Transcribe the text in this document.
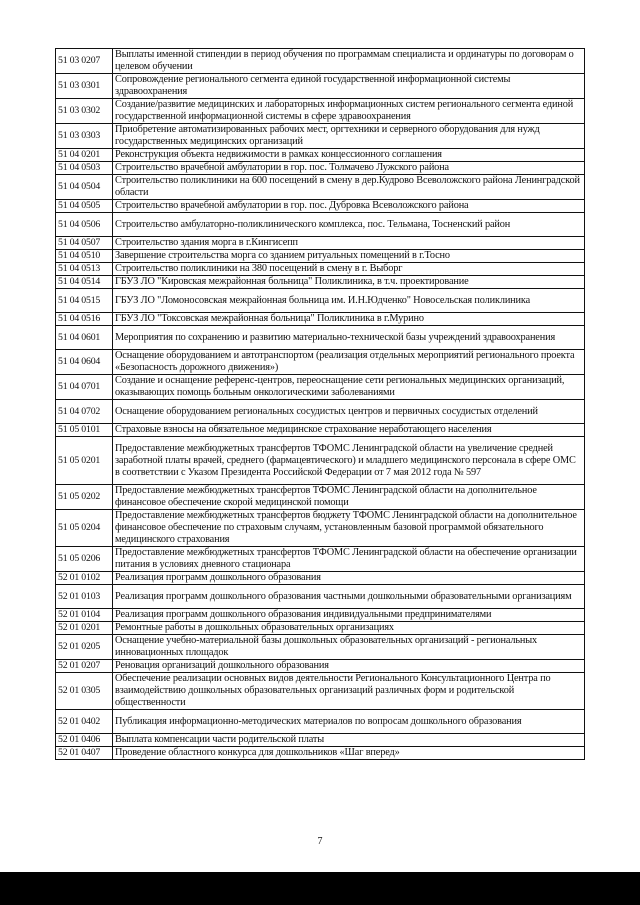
51 03 0207	Выплаты именной стипендии в период обучения по программам специалиста и ординатуры по договорам о целевом обучении
51 03 0301	Сопровождение регионального сегмента единой государственной информационной системы здравоохранения
51 03 0302	Создание/развитие медицинских и лабораторных информационных систем регионального сегмента единой государственной информационной системы в сфере здравоохранения
51 03 0303	Приобретение автоматизированных рабочих мест, оргтехники и серверного оборудования для нужд государственных медицинских организаций
51 04 0201	Реконструкция объекта недвижимости в рамках концессионного соглашения
51 04 0503	Строительство врачебной амбулатории в гор. пос. Толмачево Лужского района
51 04 0504	Строительство поликлиники на 600 посещений в смену в дер.Кудрово Всеволожского района Ленинградской области
51 04 0505	Строительство врачебной амбулатории в гор. пос. Дубровка Всеволожского района
51 04 0506	Строительство амбулаторно-поликлинического комплекса, пос. Тельмана, Тосненский район
51 04 0507	Строительство здания морга в г.Кингисепп
51 04 0510	Завершение строительства морга со зданием ритуальных помещений в г.Тосно
51 04 0513	Строительство поликлиники на 380 посещений в смену в г. Выборг
51 04 0514	ГБУЗ ЛО "Кировская межрайонная больница" Поликлиника, в т.ч. проектирование
51 04 0515	ГБУЗ ЛО "Ломоносовская межрайонная больница им. И.Н.Юдченко" Новосельская поликлиника
51 04 0516	ГБУЗ ЛО "Токсовская межрайонная больница" Поликлиника в г.Мурино
51 04 0601	Мероприятия по сохранению и развитию материально-технической базы учреждений здравоохранения
51 04 0604	Оснащение оборудованием и автотранспортом (реализация отдельных мероприятий регионального проекта «Безопасность дорожного движения»)
51 04 0701	Создание и оснащение референс-центров, переоснащение сети региональных медицинских организаций, оказывающих помощь больным онкологическими заболеваниями
51 04 0702	Оснащение оборудованием региональных сосудистых центров и первичных сосудистых отделений
51 05 0101	Страховые взносы на обязательное медицинское страхование неработающего населения
51 05 0201	Предоставление межбюджетных трансфертов ТФОМС Ленинградской области на увеличение средней заработной платы врачей, среднего (фармацевтического) и младшего медицинского персонала в сфере ОМС в соответствии с Указом Президента Российской Федерации от 7 мая 2012 года № 597
51 05 0202	Предоставление межбюджетных трансфертов ТФОМС Ленинградской области на дополнительное финансовое обеспечение скорой медицинской помощи
51 05 0204	Предоставление межбюджетных трансфертов бюджету ТФОМС Ленинградской области на дополнительное финансовое обеспечение по страховым случаям, установленным базовой программой обязательного медицинского страхования
51 05 0206	Предоставление межбюджетных трансфертов ТФОМС Ленинградской области на обеспечение организации питания в условиях дневного стационара
52 01 0102	Реализация программ дошкольного образования
52 01 0103	Реализация программ дошкольного образования частными дошкольными образовательными организациям
52 01 0104	Реализация программ дошкольного образования индивидуальными предпринимателями
52 01 0201	Ремонтные работы в дошкольных образовательных организациях
52 01 0205	Оснащение учебно-материальной базы дошкольных образовательных организаций - региональных инновационных площадок
52 01 0207	Реновация организаций дошкольного образования
52 01 0305	Обеспечение реализации основных видов деятельности Регионального Консультационного Центра по взаимодействию дошкольных образовательных организаций различных форм и родительской общественности
52 01 0402	Публикация информационно-методических материалов по вопросам дошкольного образования
52 01 0406	Выплата компенсации части родительской платы
52 01 0407	Проведение областного конкурса для дошкольников «Шаг вперед»
7
